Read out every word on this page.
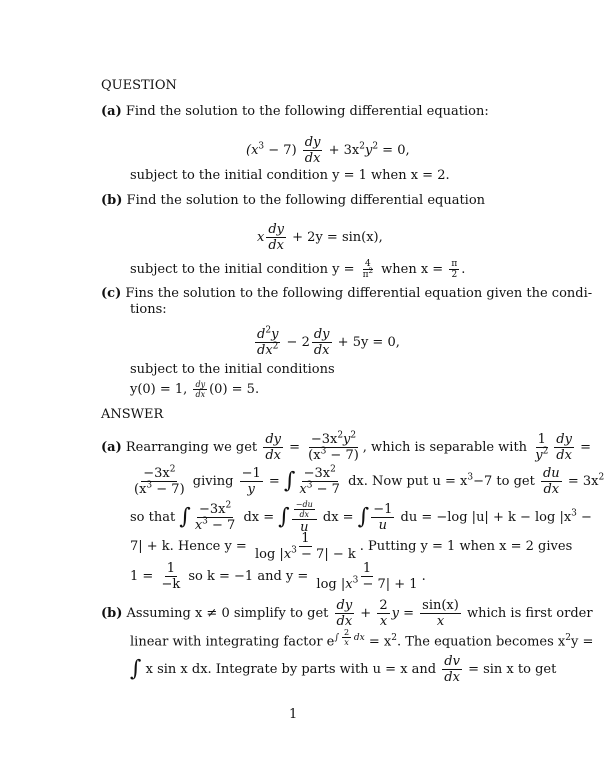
QUESTION
(a) Find the solution to the following differential equation:
$(x^3 - 7) \frac{dy}{dx} + 3x^2y^2 = 0$,
subject to the initial condition y = 1 when x = 2.
(b) Find the solution to the following differential equation
x $\frac{dy}{dx} + 2y = \sin(x)$,
subject to the initial condition $y = \frac{4}{\pi^2}$ when $x = \frac{\pi}{2}$ .
(c) Fins the solution to the following differential equation given the condi-
tions:
$\frac{d^2y}{dx^2} - 2 \frac{dy}{dx} + 5y = 0$,
subject to the initial conditions
y(0) = 1, $\frac{dy}{dx} (0) = 5$.
ANSWER
(a) Rearranging we get $\frac{dy}{dx} = \frac{-3x^2y^2}{(x^3 - 7)}$ , which is separable with $\frac{1}{y^2} \frac{dy}{dx}$ =
$\frac{-3x^2}{(x^3 - 7)}$ giving $\frac{-1}{y}$ = ∫ $\frac{-3x^2}{x^3 - 7}$ dx. Now put $u = x^3-7$ to get $\frac{du}{dx} = 3x^2$
so that ∫ $\frac{-3x^2}{x^3 - 7}$ dx = ∫ $\frac{\frac{-du}{dx}}{u}$ dx = ∫ $\frac{-1}{u}$ du = −log $|u| + k - \log |x^3$ −
7| + k. Hence $y = \frac{1}{\log |x^3 - 7| - k}$ . Putting y = 1 when x = 2 gives
$1 = \frac{1}{-k}$ so k = −1 and $y = \frac{1}{\log |x^3 - 7| + 1}$ .
(b) Assuming x ≠ 0 simplify to get $\frac{dy}{dx} + \frac{2}{x}$ $y = \frac{\sin(x)}{x}$ which is first order
linear with integrating factor $e^{\int \frac{2}{x} dx} = x^2$. The equation becomes $x^2y$ =
∫ x sin x dx. Integrate by parts with u = x and $\frac{dv}{dx} = \sin x$ to get
1
